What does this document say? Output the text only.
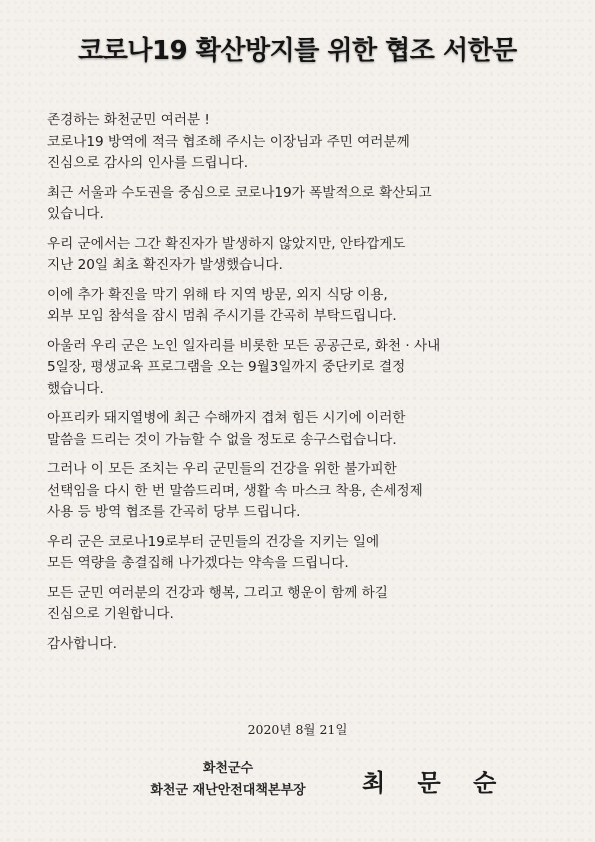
코로나19 확산방지를 위한 협조 서한문

존경하는 화천군민 여러분 !

코로나19 방역에 적극 협조해 주시는 이장님과 주민 여러분께
진심으로 감사의 인사를 드립니다.

최근 서울과 수도권을 중심으로 코로나19가 폭발적으로 확산되고
있습니다.

우리 군에서는 그간 확진자가 발생하지 않았지만, 안타깝게도
지난 20일 최초 확진자가 발생했습니다.

이에 추가 확진을 막기 위해 타 지역 방문, 외지 식당 이용,
외부 모임 참석을 잠시 멈춰 주시기를 간곡히 부탁드립니다.

아울러 우리 군은 노인 일자리를 비롯한 모든 공공근로, 화천 · 사내
5일장, 평생교육 프로그램을 오는 9월3일까지 중단키로 결정
했습니다.

아프리카 돼지열병에 최근 수해까지 겹쳐 힘든 시기에 이러한
말씀을 드리는 것이 가늠할 수 없을 정도로 송구스럽습니다.

그러나 이 모든 조치는 우리 군민들의 건강을 위한 불가피한
선택임을 다시 한 번 말씀드리며, 생활 속 마스크 착용, 손세정제
사용 등 방역 협조를 간곡히 당부 드립니다.

우리 군은 코로나19로부터 군민들의 건강을 지키는 일에
모든 역량을 총결집해 나가겠다는 약속을 드립니다.

모든 군민 여러분의 건강과 행복, 그리고 행운이 함께 하길
진심으로 기원합니다.

감사합니다.

2020년 8월 21일
화천군수
화천군 재난안전대책본부장	최 문 순
